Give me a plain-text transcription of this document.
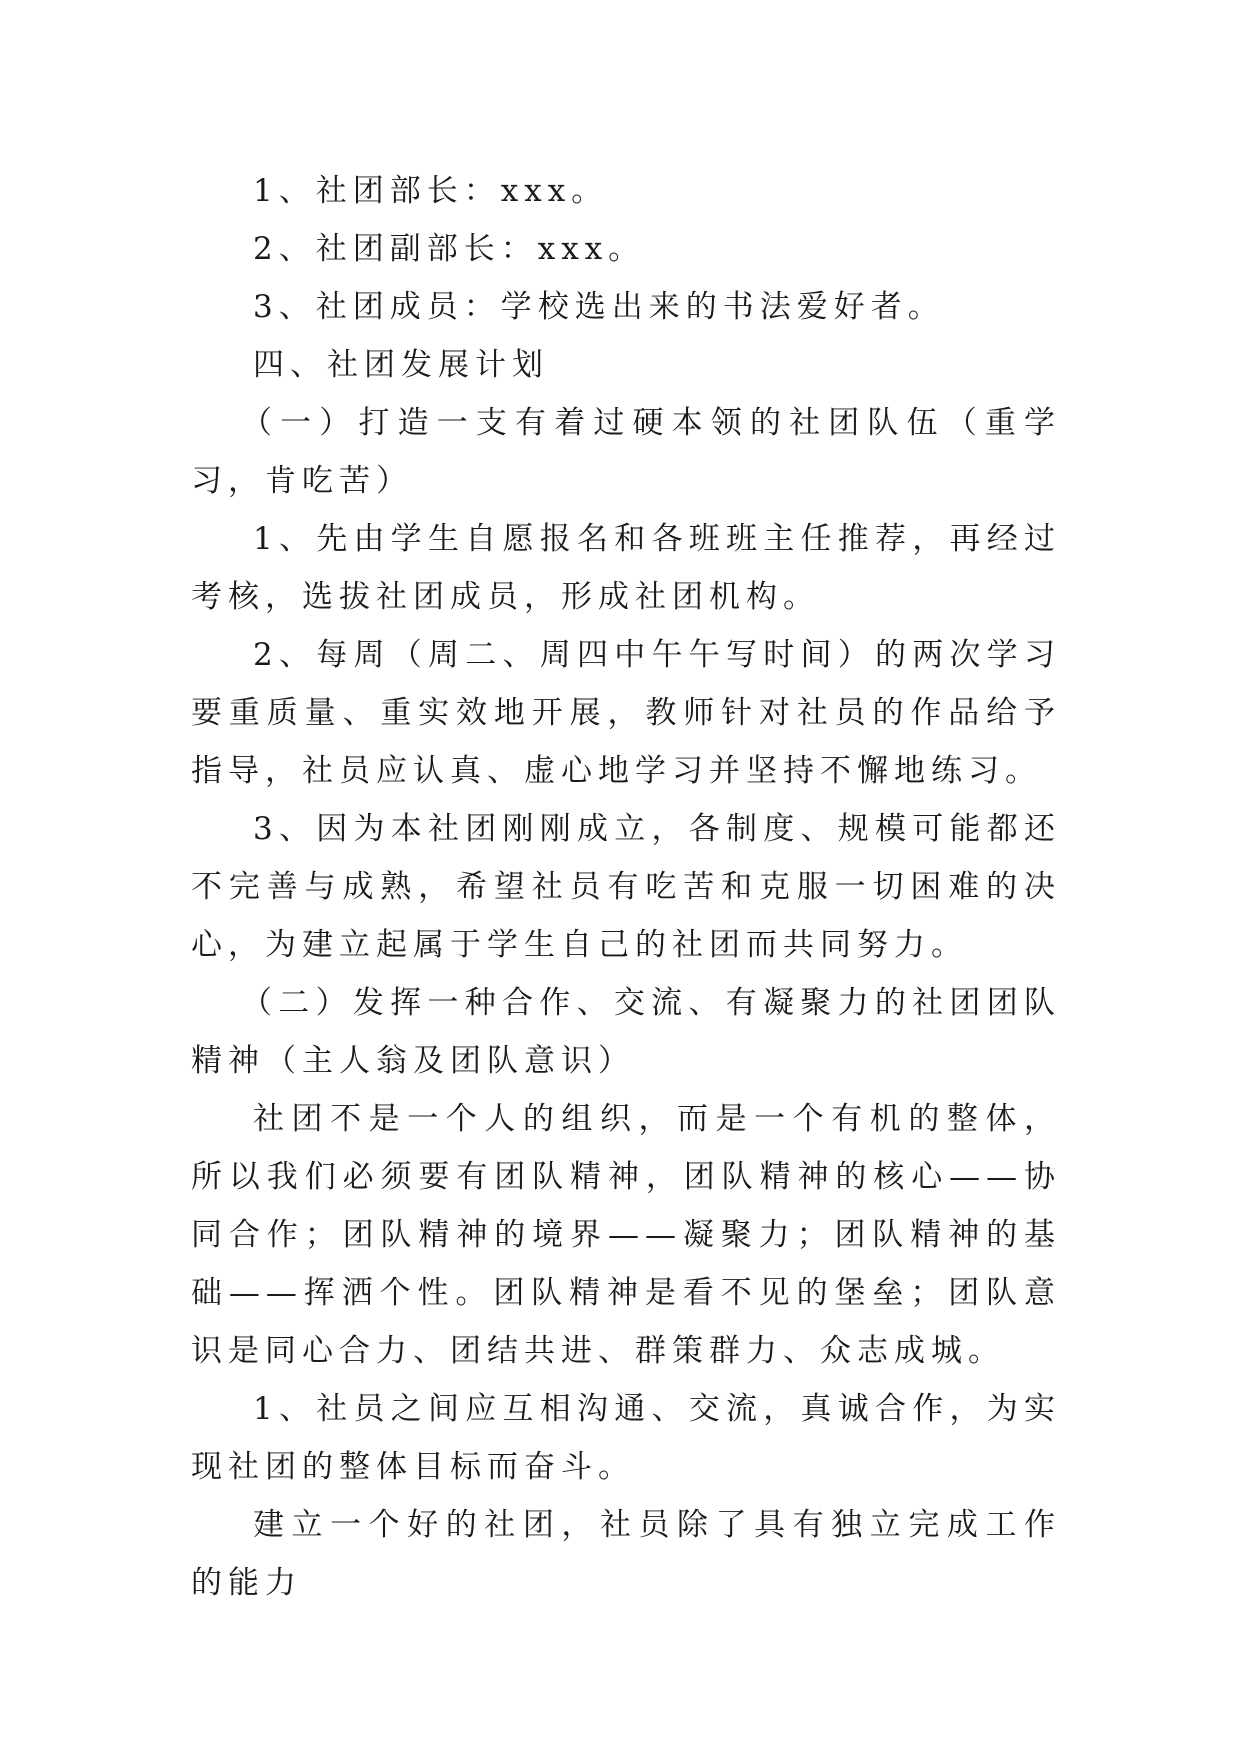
1、社团部长：xxx。

2、社团副部长：xxx。

3、社团成员：学校选出来的书法爱好者。

四、社团发展计划

（一）打造一支有着过硬本领的社团队伍（重学习，肯吃苦）

1、先由学生自愿报名和各班班主任推荐，再经过考核，选拔社团成员，形成社团机构。

2、每周（周二、周四中午午写时间）的两次学习要重质量、重实效地开展，教师针对社员的作品给予指导，社员应认真、虚心地学习并坚持不懈地练习。

3、因为本社团刚刚成立，各制度、规模可能都还不完善与成熟，希望社员有吃苦和克服一切困难的决心，为建立起属于学生自己的社团而共同努力。

（二）发挥一种合作、交流、有凝聚力的社团团队精神（主人翁及团队意识）

社团不是一个人的组织，而是一个有机的整体，所以我们必须要有团队精神，团队精神的核心——协同合作；团队精神的境界——凝聚力；团队精神的基础——挥洒个性。团队精神是看不见的堡垒；团队意识是同心合力、团结共进、群策群力、众志成城。

1、社员之间应互相沟通、交流，真诚合作，为实现社团的整体目标而奋斗。

建立一个好的社团，社员除了具有独立完成工作的能力
